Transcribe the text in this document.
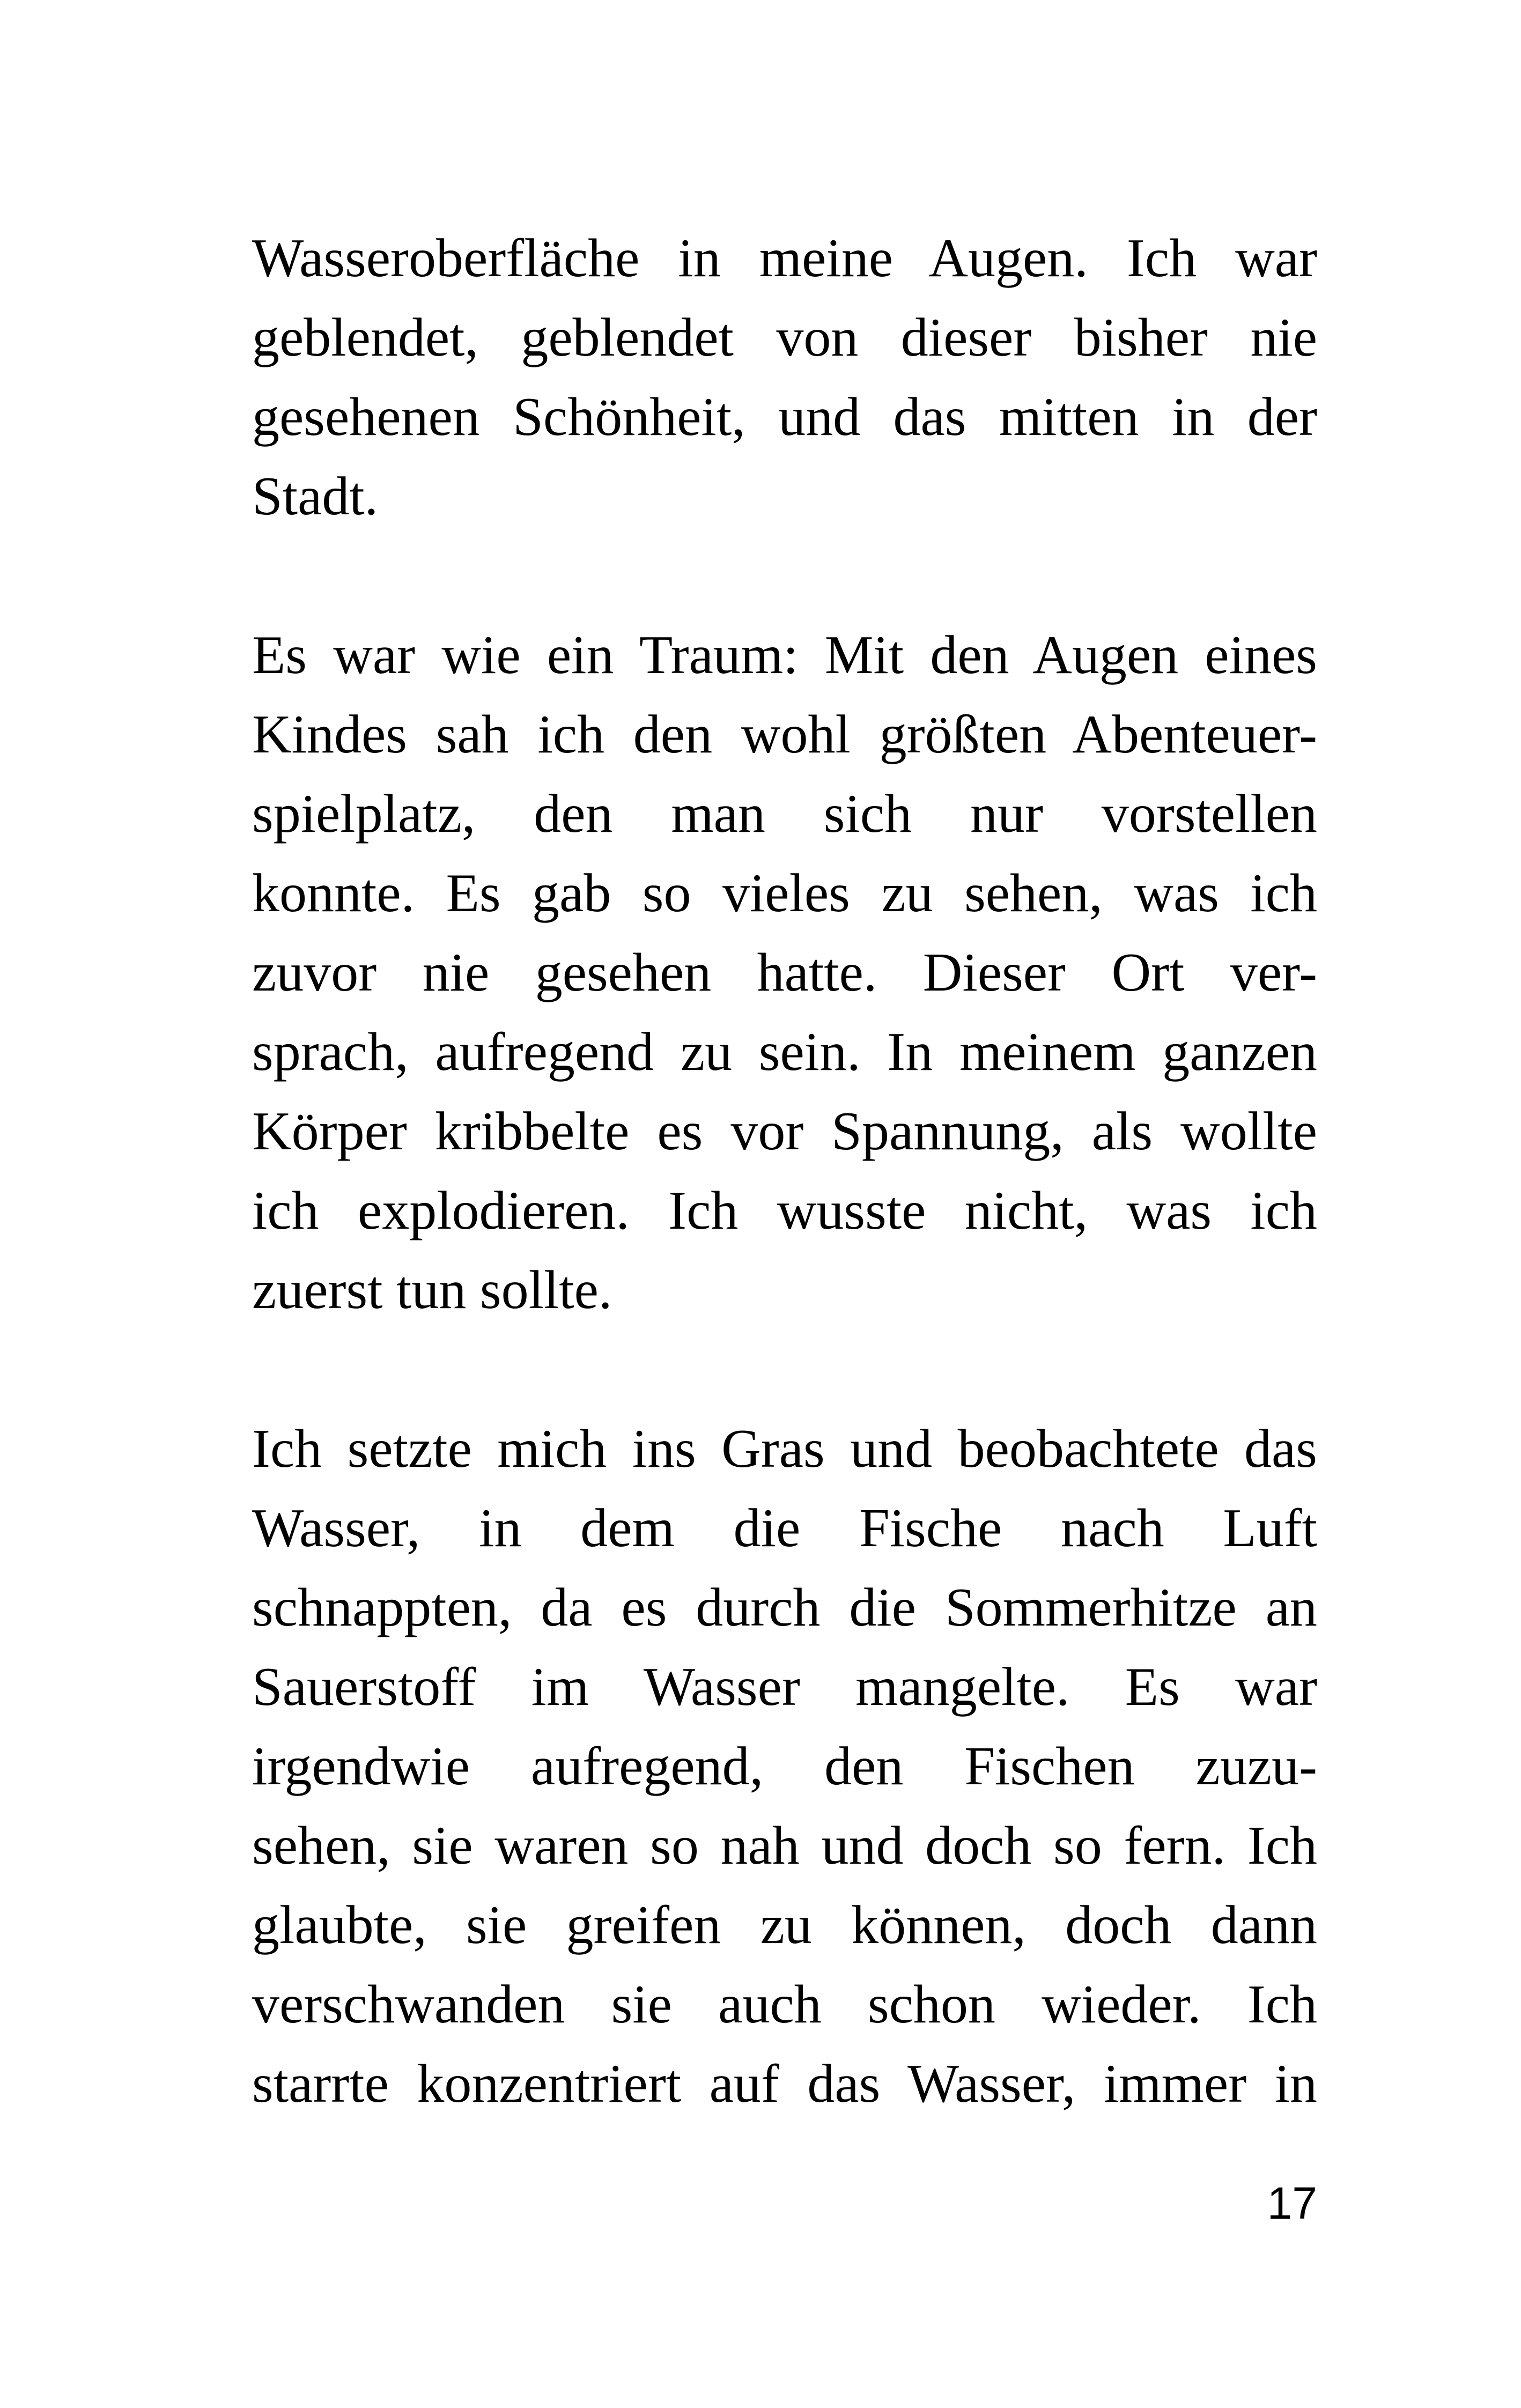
Wasseroberfläche in meine Augen. Ich war
geblendet, geblendet von dieser bisher nie
gesehenen Schönheit, und das mitten in der
Stadt.
Es war wie ein Traum: Mit den Augen eines
Kindes sah ich den wohl größten Abenteuer-
spielplatz, den man sich nur vorstellen
konnte. Es gab so vieles zu sehen, was ich
zuvor nie gesehen hatte. Dieser Ort ver-
sprach, aufregend zu sein. In meinem ganzen
Körper kribbelte es vor Spannung, als wollte
ich explodieren. Ich wusste nicht, was ich
zuerst tun sollte.
Ich setzte mich ins Gras und beobachtete das
Wasser, in dem die Fische nach Luft
schnappten, da es durch die Sommerhitze an
Sauerstoff im Wasser mangelte. Es war
irgendwie aufregend, den Fischen zuzu-
sehen, sie waren so nah und doch so fern. Ich
glaubte, sie greifen zu können, doch dann
verschwanden sie auch schon wieder. Ich
starrte konzentriert auf das Wasser, immer in
17
